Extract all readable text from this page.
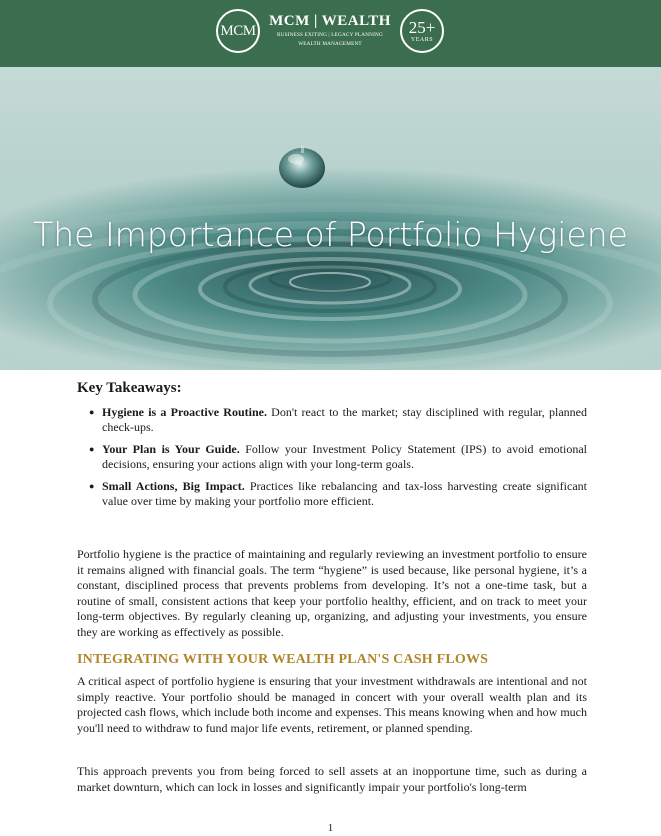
MCM
MCM | WEALTH
BUSINESS EXITING | LEGACY PLANNING
WEALTH MANAGEMENT
25+
YEARS
The Importance of Portfolio Hygiene
Key Takeaways:
● Hygiene is a Proactive Routine. Don't react to the market; stay disciplined with regular, planned check-ups.
● Your Plan is Your Guide. Follow your Investment Policy Statement (IPS) to avoid emotional decisions, ensuring your actions align with your long-term goals.
● Small Actions, Big Impact. Practices like rebalancing and tax-loss harvesting create significant value over time by making your portfolio more efficient.

Portfolio hygiene is the practice of maintaining and regularly reviewing an investment portfolio to ensure it remains aligned with financial goals. The term “hygiene” is used because, like personal hygiene, it’s a constant, disciplined process that prevents problems from developing. It’s not a one-time task, but a routine of small, consistent actions that keep your portfolio healthy, efficient, and on track to meet your long-term objectives. By regularly cleaning up, organizing, and adjusting your investments, you ensure they are working as effectively as possible.

INTEGRATING WITH YOUR WEALTH PLAN'S CASH FLOWS

A critical aspect of portfolio hygiene is ensuring that your investment withdrawals are intentional and not simply reactive. Your portfolio should be managed in concert with your overall wealth plan and its projected cash flows, which include both income and expenses. This means knowing when and how much you'll need to withdraw to fund major life events, retirement, or planned spending.

This approach prevents you from being forced to sell assets at an inopportune time, such as during a market downturn, which can lock in losses and significantly impair your portfolio's long-term

1
